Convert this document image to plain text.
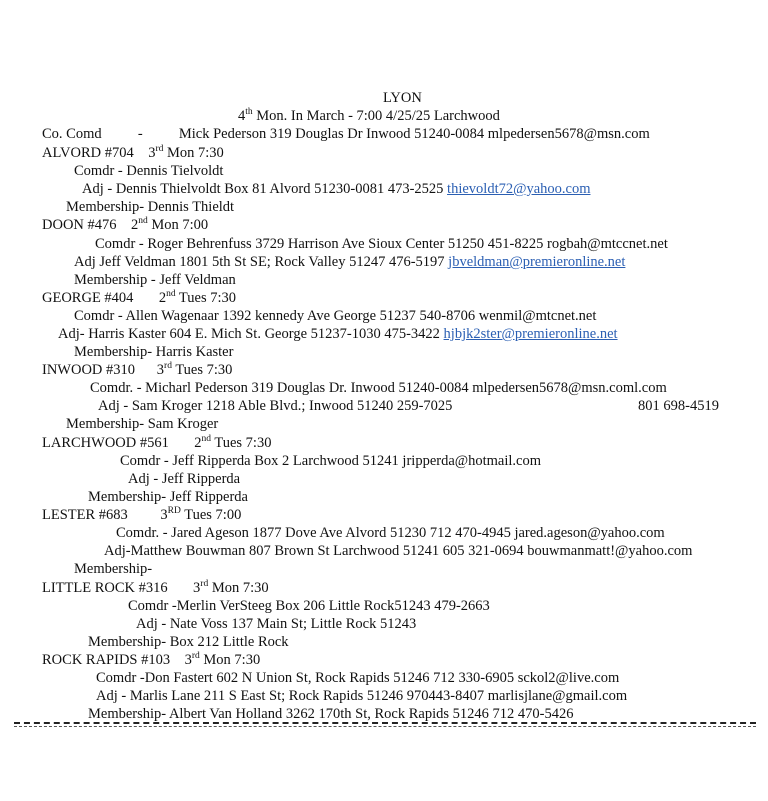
LYON
4th Mon. In March - 7:00 4/25/25 Larchwood
Co. Comd - Mick Pederson 319 Douglas Dr Inwood 51240-0084 mlpedersen5678@msn.com
ALVORD #704 3rd Mon 7:30
Comdr - Dennis Tielvoldt
Adj - Dennis Thielvoldt Box 81 Alvord 51230-0081 473-2525 thievoldt72@yahoo.com
Membership- Dennis Thieldt
DOON #476 2nd Mon 7:00
Comdr - Roger Behrenfuss 3729 Harrison Ave Sioux Center 51250 451-8225 rogbah@mtccnet.net
Adj Jeff Veldman 1801 5th St SE; Rock Valley 51247 476-5197 jbveldman@premieronline.net
Membership - Jeff Veldman
GEORGE #404 2nd Tues 7:30
Comdr - Allen Wagenaar 1392 kennedy Ave George 51237 540-8706 wenmil@mtcnet.net
Adj- Harris Kaster 604 E. Mich St. George 51237-1030 475-3422 hjbjk2ster@premieronline.net
Membership- Harris Kaster
INWOOD #310 3rd Tues 7:30
Comdr. - Micharl Pederson 319 Douglas Dr. Inwood 51240-0084 mlpedersen5678@msn.coml.com
Adj - Sam Kroger 1218 Able Blvd.; Inwood 51240 259-7025	801 698-4519
Membership- Sam Kroger
LARCHWOOD #561 2nd Tues 7:30
Comdr - Jeff Ripperda Box 2 Larchwood 51241 jripperda@hotmail.com
Adj - Jeff Ripperda
Membership- Jeff Ripperda
LESTER #683 3RD Tues 7:00
Comdr. - Jared Ageson 1877 Dove Ave Alvord 51230 712 470-4945 jared.ageson@yahoo.com
Adj-Matthew Bouwman 807 Brown St Larchwood 51241 605 321-0694 bouwmanmatt!@yahoo.com
Membership-
LITTLE ROCK #316 3rd Mon 7:30
Comdr -Merlin VerSteeg Box 206 Little Rock51243 479-2663
Adj - Nate Voss 137 Main St; Little Rock 51243
Membership- Box 212 Little Rock
ROCK RAPIDS #103 3rd Mon 7:30
Comdr -Don Fastert 602 N Union St, Rock Rapids 51246 712 330-6905 sckol2@live.com
Adj - Marlis Lane 211 S East St; Rock Rapids 51246 970443-8407 marlisjlane@gmail.com
Membership- Albert Van Holland 3262 170th St, Rock Rapids 51246 712 470-5426
